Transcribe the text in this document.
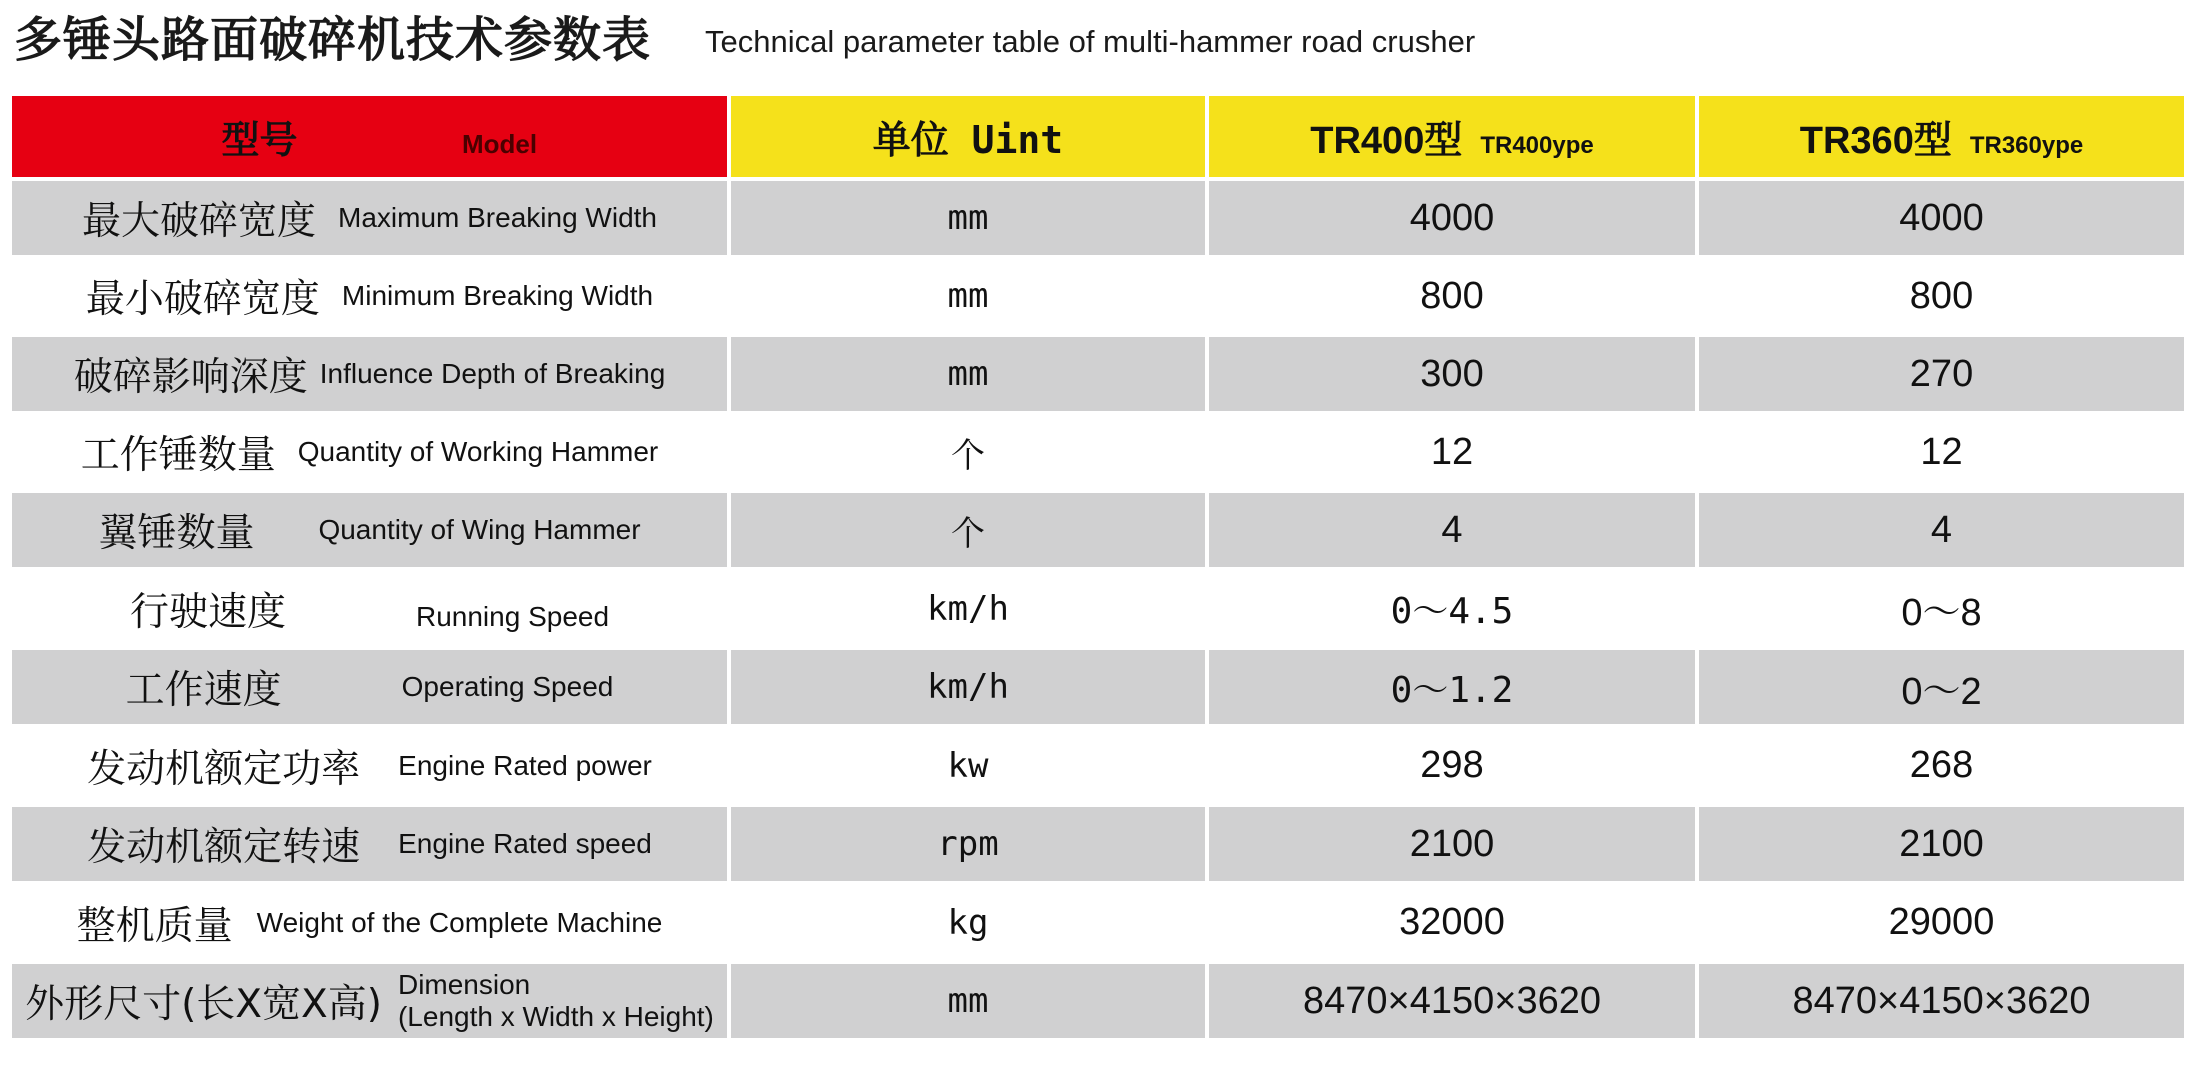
多锤头路面破碎机技术参数表 Technical parameter table of multi-hammer road crusher
型号 Model	单位 Uint	TR400型 TR400ype	TR360型 TR360ype

最大破碎宽度 Maximum Breaking Width	mm	4000	4000

最小破碎宽度 Minimum Breaking Width	mm	800	800

破碎影响深度 Influence Depth of Breaking	mm	300	270

工作锤数量 Quantity of Working Hammer	个	12	12

翼锤数量 Quantity of Wing Hammer	个	4	4

行驶速度 Running Speed	km/h	0～4.5	0～8

工作速度 Operating Speed	km/h	0～1.2	0～2

发动机额定功率 Engine Rated power	kw	298	268

发动机额定转速 Engine Rated speed	rpm	2100	2100

整机质量 Weight of the Complete Machine	kg	32000	29000

外形尺寸(长X宽X高) Dimension
(Length x Width x Height)	mm	8470×4150×3620	8470×4150×3620
